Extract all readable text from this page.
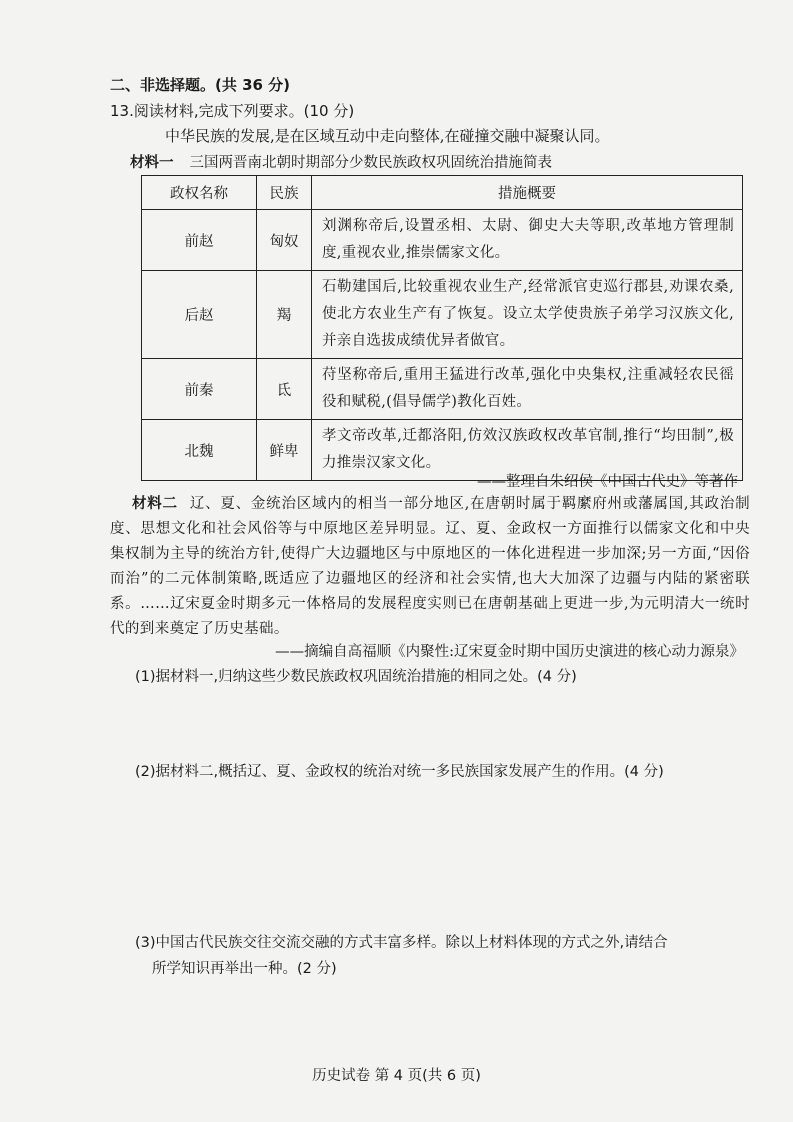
二、非选择题。(共 36 分)
13.阅读材料,完成下列要求。(10 分)
中华民族的发展,是在区域互动中走向整体,在碰撞交融中凝聚认同。
材料一 三国两晋南北朝时期部分少数民族政权巩固统治措施简表
政权名称	民族	措施概要
前赵	匈奴	刘渊称帝后,设置丞相、太尉、御史大夫等职,改革地方管理制度,重视农业,推崇儒家文化。
后赵	羯	石勒建国后,比较重视农业生产,经常派官吏巡行郡县,劝课农桑,使北方农业生产有了恢复。设立太学使贵族子弟学习汉族文化,并亲自选拔成绩优异者做官。
前秦	氐	苻坚称帝后,重用王猛进行改革,强化中央集权,注重减轻农民徭役和赋税,(倡导儒学)教化百姓。
北魏	鲜卑	孝文帝改革,迁都洛阳,仿效汉族政权改革官制,推行“均田制”,极力推崇汉家文化。
——整理自朱绍侯《中国古代史》等著作
材料二 辽、夏、金统治区域内的相当一部分地区,在唐朝时属于羁縻府州或藩属国,其政治制度、思想文化和社会风俗等与中原地区差异明显。辽、夏、金政权一方面推行以儒家文化和中央集权制为主导的统治方针,使得广大边疆地区与中原地区的一体化进程进一步加深;另一方面,“因俗而治”的二元体制策略,既适应了边疆地区的经济和社会实情,也大大加深了边疆与内陆的紧密联系。……辽宋夏金时期多元一体格局的发展程度实则已在唐朝基础上更进一步,为元明清大一统时代的到来奠定了历史基础。
——摘编自高福顺《内聚性:辽宋夏金时期中国历史演进的核心动力源泉》
(1)据材料一,归纳这些少数民族政权巩固统治措施的相同之处。(4 分)
(2)据材料二,概括辽、夏、金政权的统治对统一多民族国家发展产生的作用。(4 分)
(3)中国古代民族交往交流交融的方式丰富多样。除以上材料体现的方式之外,请结合
所学知识再举出一种。(2 分)
历史试卷 第 4 页(共 6 页)
